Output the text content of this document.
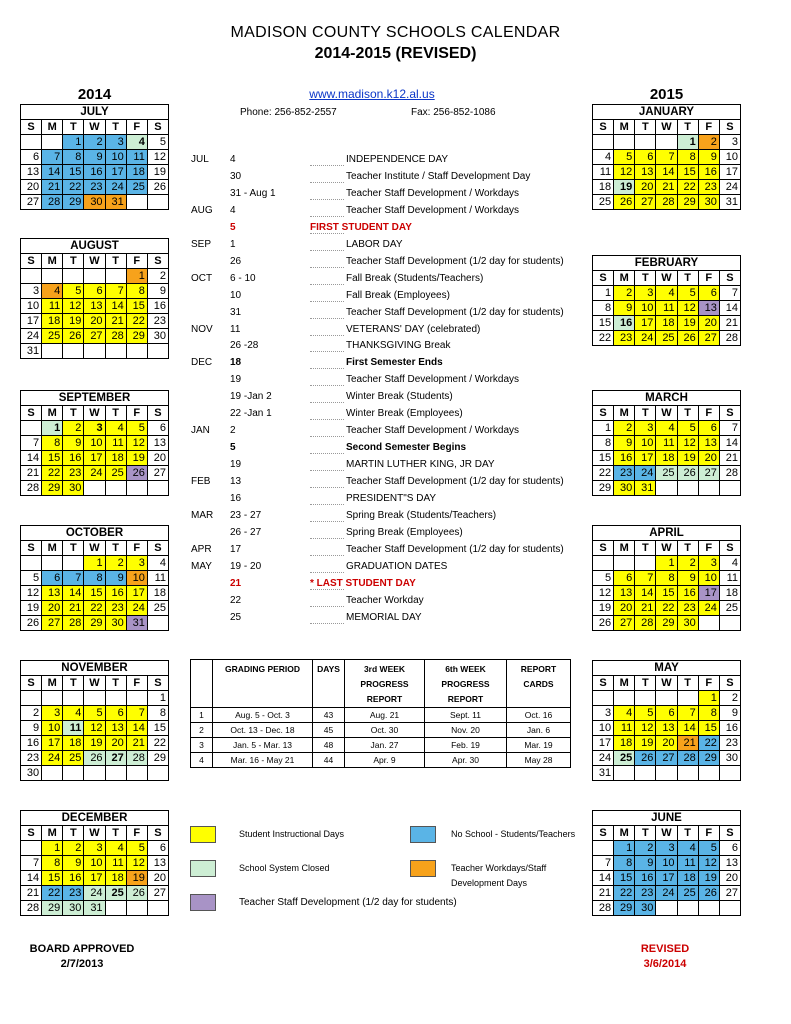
MADISON COUNTY SCHOOLS CALENDAR
2014-2015 (REVISED)
2014	2015
www.madison.k12.al.us
Phone: 256-852-2557	Fax: 256-852-1086
JULY						
S	M	T	W	T	F	S
		1	2	3	4	5
6	7	8	9	10	11	12
13	14	15	16	17	18	19
20	21	22	23	24	25	26
27	28	29	30	31		
AUGUST						
S	M	T	W	T	F	S
					1	2
3	4	5	6	7	8	9
10	11	12	13	14	15	16
17	18	19	20	21	22	23
24	25	26	27	28	29	30
31						
SEPTEMBER						
S	M	T	W	T	F	S
	1	2	3	4	5	6
7	8	9	10	11	12	13
14	15	16	17	18	19	20
21	22	23	24	25	26	27
28	29	30				
OCTOBER						
S	M	T	W	T	F	S
			1	2	3	4
5	6	7	8	9	10	11
12	13	14	15	16	17	18
19	20	21	22	23	24	25
26	27	28	29	30	31	
NOVEMBER						
S	M	T	W	T	F	S
						1
2	3	4	5	6	7	8
9	10	11	12	13	14	15
16	17	18	19	20	21	22
23	24	25	26	27	28	29
30						
DECEMBER						
S	M	T	W	T	F	S
	1	2	3	4	5	6
7	8	9	10	11	12	13
14	15	16	17	18	19	20
21	22	23	24	25	26	27
28	29	30	31			
JANUARY						
S	M	T	W	T	F	S
				1	2	3
4	5	6	7	8	9	10
11	12	13	14	15	16	17
18	19	20	21	22	23	24
25	26	27	28	29	30	31
FEBRUARY						
S	M	T	W	T	F	S
1	2	3	4	5	6	7
8	9	10	11	12	13	14
15	16	17	18	19	20	21
22	23	24	25	26	27	28
MARCH						
S	M	T	W	T	F	S
1	2	3	4	5	6	7
8	9	10	11	12	13	14
15	16	17	18	19	20	21
22	23	24	25	26	27	28
29	30	31				
APRIL						
S	M	T	W	T	F	S
			1	2	3	4
5	6	7	8	9	10	11
12	13	14	15	16	17	18
19	20	21	22	23	24	25
26	27	28	29	30		
MAY						
S	M	T	W	T	F	S
					1	2
3	4	5	6	7	8	9
10	11	12	13	14	15	16
17	18	19	20	21	22	23
24	25	26	27	28	29	30
31						
JUNE						
S	M	T	W	T	F	S
	1	2	3	4	5	6
7	8	9	10	11	12	13
14	15	16	17	18	19	20
21	22	23	24	25	26	27
28	29	30				
JUL 4	INDEPENDENCE DAY
30	Teacher Institute / Staff Development Day
31 - Aug 1	Teacher Staff Development / Workdays
AUG 4	Teacher Staff Development / Workdays
5	FIRST STUDENT DAY
SEP 1	LABOR DAY
26	Teacher Staff Development (1/2 day for students)
OCT 6 - 10	Fall Break (Students/Teachers)
10	Fall Break (Employees)
31	Teacher Staff Development (1/2 day for students)
NOV 11	VETERANS' DAY (celebrated)
26 -28	THANKSGIVING Break
DEC 18	First Semester Ends
19	Teacher Staff Development / Workdays
19 -Jan 2	Winter Break (Students)
22 -Jan 1	Winter Break (Employees)
JAN 2	Teacher Staff Development / Workdays
5	Second Semester Begins
19	MARTIN LUTHER KING, JR DAY
FEB 13	Teacher Staff Development (1/2 day for students)
16	PRESIDENT"S DAY
MAR 23 - 27	Spring Break (Students/Teachers)
26 - 27	Spring Break (Employees)
APR 17	Teacher Staff Development (1/2 day for students)
MAY 19 - 20	GRADUATION DATES
21	* LAST STUDENT DAY
22	Teacher Workday
25	MEMORIAL DAY
	GRADING PERIOD	DAYS	3rd WEEK PROGRESS REPORT	6th WEEK PROGRESS REPORT	REPORT CARDS
1	Aug. 5 - Oct. 3	43	Aug. 21	Sept. 11	Oct. 16
2	Oct. 13 - Dec. 18	45	Oct. 30	Nov. 20	Jan. 6
3	Jan. 5 - Mar. 13	48	Jan. 27	Feb. 19	Mar. 19
4	Mar. 16 - May 21	44	Apr. 9	Apr. 30	May 28
Student Instructional Days	No School - Students/Teachers
School System Closed	Teacher Workdays/Staff Development Days
Teacher Staff Development (1/2 day for students)
BOARD APPROVED
2/7/2013
REVISED
3/6/2014
